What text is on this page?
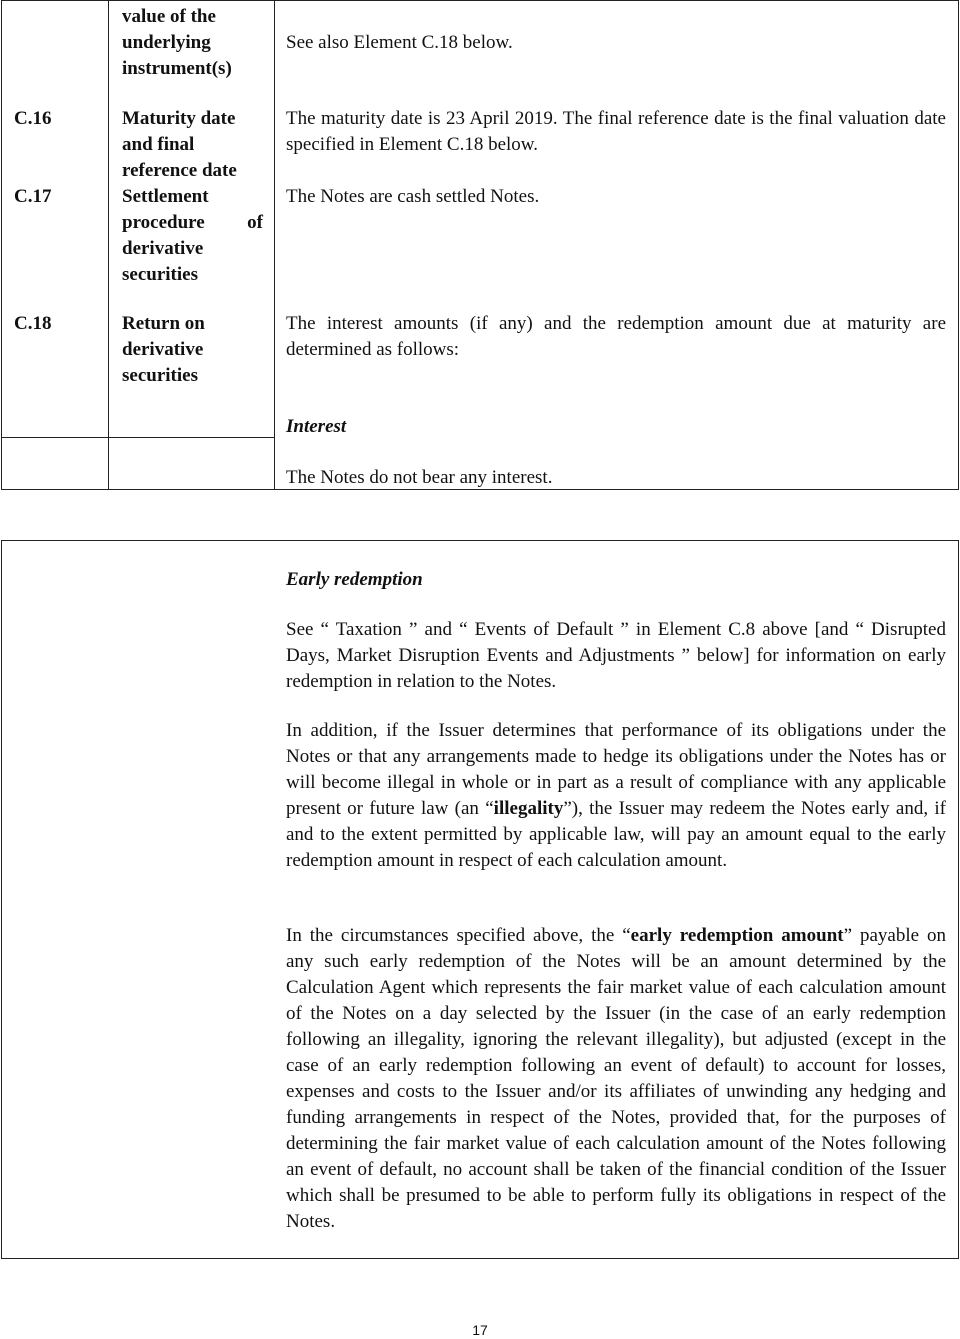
value of the underlying instrument(s)
See also Element C.18 below.
C.16	Maturity date and final reference date

The maturity date is 23 April 2019. The final reference date is the final valuation date specified in Element C.18 below.

C.17	Settlement procedure of derivative securities

The Notes are cash settled Notes.
C.18	Return on derivative securities

The interest amounts (if any) and the redemption amount due at maturity are determined as follows:

Interest
The Notes do not bear any interest.
Early redemption

See “ Taxation ” and “ Events of Default ” in Element C.8 above [and “ Disrupted Days, Market Disruption Events and Adjustments ” below] for information on early redemption in relation to the Notes.

In addition, if the Issuer determines that performance of its obligations under the Notes or that any arrangements made to hedge its obligations under the Notes has or will become illegal in whole or in part as a result of compliance with any applicable present or future law (an “illegality”), the Issuer may redeem the Notes early and, if and to the extent permitted by applicable law, will pay an amount equal to the early redemption amount in respect of each calculation amount.

In the circumstances specified above, the “early redemption amount” payable on any such early redemption of the Notes will be an amount determined by the Calculation Agent which represents the fair market value of each calculation amount of the Notes on a day selected by the Issuer (in the case of an early redemption following an illegality, ignoring the relevant illegality), but adjusted (except in the case of an early redemption following an event of default) to account for losses, expenses and costs to the Issuer and/or its affiliates of unwinding any hedging and funding arrangements in respect of the Notes, provided that, for the purposes of determining the fair market value of each calculation amount of the Notes following an event of default, no account shall be taken of the financial condition of the Issuer which shall be presumed to be able to perform fully its obligations in respect of the Notes.

17
